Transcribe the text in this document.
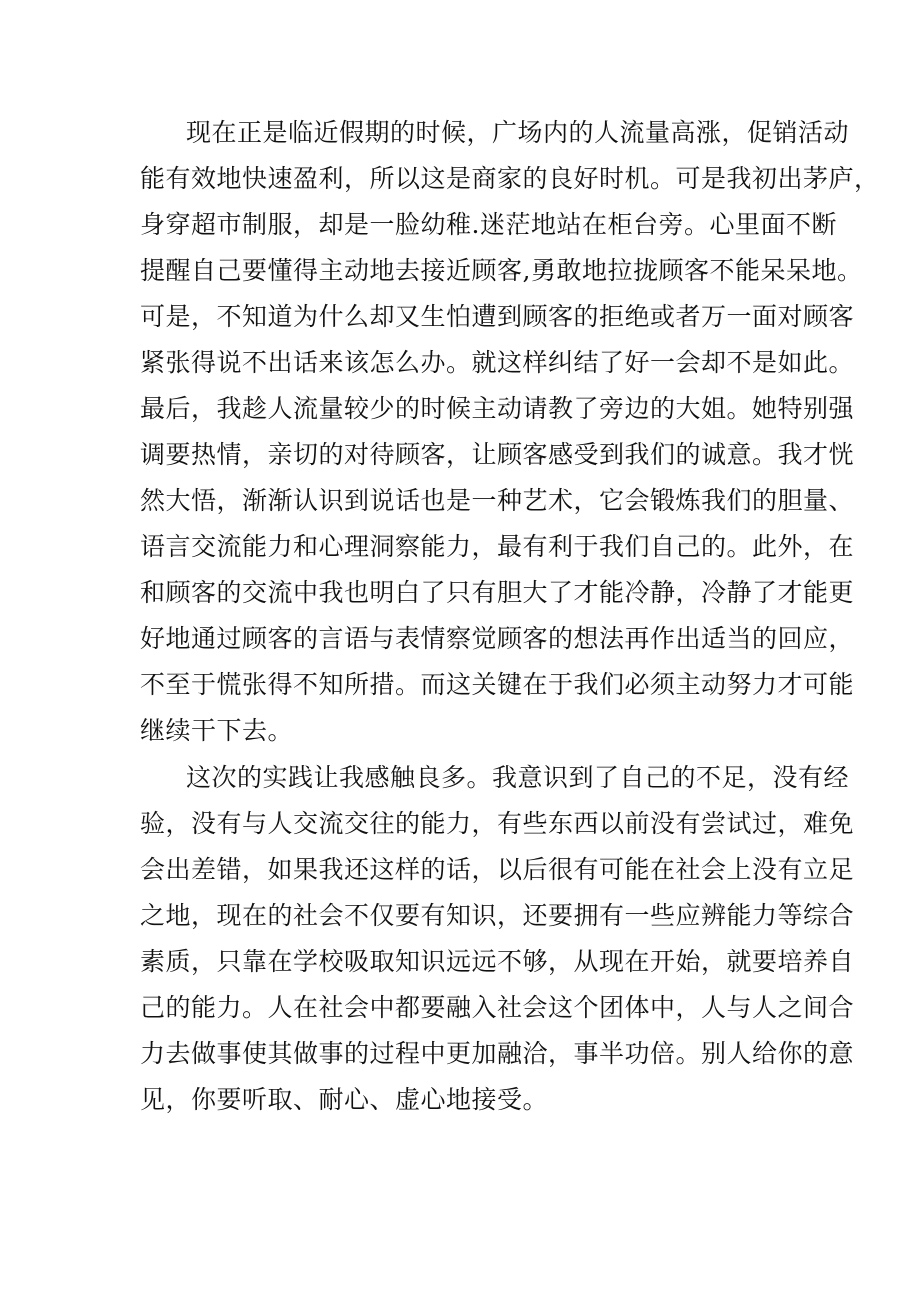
现在正是临近假期的时候，广场内的人流量高涨，促销活动
能有效地快速盈利，所以这是商家的良好时机。可是我初出茅庐，
身穿超市制服，却是一脸幼稚.迷茫地站在柜台旁。心里面不断
提醒自己要懂得主动地去接近顾客,勇敢地拉拢顾客不能呆呆地。
可是，不知道为什么却又生怕遭到顾客的拒绝或者万一面对顾客
紧张得说不出话来该怎么办。就这样纠结了好一会却不是如此。
最后，我趁人流量较少的时候主动请教了旁边的大姐。她特别强
调要热情，亲切的对待顾客，让顾客感受到我们的诚意。我才恍
然大悟，渐渐认识到说话也是一种艺术，它会锻炼我们的胆量、
语言交流能力和心理洞察能力，最有利于我们自己的。此外，在
和顾客的交流中我也明白了只有胆大了才能冷静，冷静了才能更
好地通过顾客的言语与表情察觉顾客的想法再作出适当的回应，
不至于慌张得不知所措。而这关键在于我们必须主动努力才可能
继续干下去。
这次的实践让我感触良多。我意识到了自己的不足，没有经
验，没有与人交流交往的能力，有些东西以前没有尝试过，难免
会出差错，如果我还这样的话，以后很有可能在社会上没有立足
之地，现在的社会不仅要有知识，还要拥有一些应辨能力等综合
素质，只靠在学校吸取知识远远不够，从现在开始，就要培养自
己的能力。人在社会中都要融入社会这个团体中，人与人之间合
力去做事使其做事的过程中更加融洽，事半功倍。别人给你的意
见，你要听取、耐心、虚心地接受。
